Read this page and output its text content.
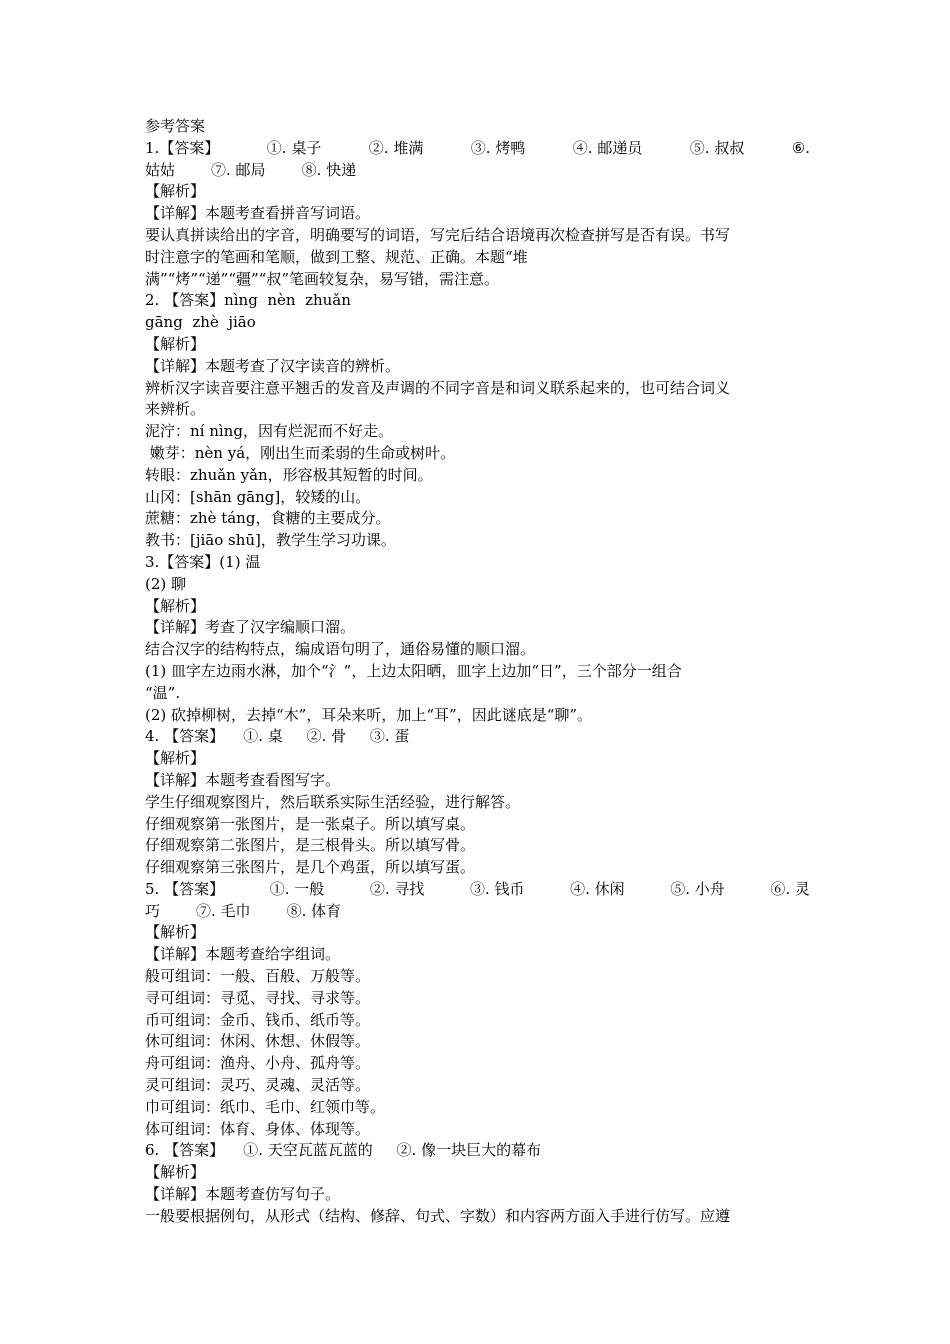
参考答案
1.【答案】	①. 桌子	②. 堆满	③. 烤鸭	④. 邮递员	⑤. 叔叔	⑥.
姑姑 ⑦. 邮局 ⑧. 快递
【解析】
【详解】本题考查看拼音写词语。
要认真拼读给出的字音，明确要写的词语，写完后结合语境再次检查拼写是否有误。书写
时注意字的笔画和笔顺，做到工整、规范、正确。本题“堆
满”“烤”“递”“疆”“叔”笔画较复杂，易写错，需注意。
2. 【答案】nìng  nèn  zhuǎn
gāng  zhè  jiāo
【解析】
【详解】本题考查了汉字读音的辨析。
辨析汉字读音要注意平翘舌的发音及声调的不同字音是和词义联系起来的，也可结合词义
来辨析。
泥泞：ní nìng，因有烂泥而不好走。
嫩芽：nèn yá，刚出生而柔弱的生命或树叶。
转眼：zhuǎn yǎn，形容极其短暂的时间。
山冈：[shān gāng]，较矮的山。
蔗糖：zhè táng，食糖的主要成分。
教书：[jiāo shū]，教学生学习功课。
3.【答案】(1) 温
(2) 聊
【解析】
【详解】考查了汉字编顺口溜。
结合汉字的结构特点，编成语句明了，通俗易懂的顺口溜。
(1) 皿字左边雨水淋，加个“氵”，上边太阳晒，皿字上边加“日”，三个部分一组合
“温”.
(2) 砍掉柳树，去掉“木”，耳朵来听，加上“耳”，因此谜底是“聊”。
4. 【答案】    ①. 桌     ②. 骨     ③. 蛋
【解析】
【详解】本题考查看图写字。
学生仔细观察图片，然后联系实际生活经验，进行解答。
仔细观察第一张图片，是一张桌子。所以填写桌。
仔细观察第二张图片，是三根骨头。所以填写骨。
仔细观察第三张图片，是几个鸡蛋，所以填写蛋。
5. 【答案】	①. 一般	②. 寻找	③. 钱币	④. 休闲	⑤. 小舟	⑥. 灵
巧 ⑦. 毛巾 ⑧. 体育
【解析】
【详解】本题考查给字组词。
般可组词：一般、百般、万般等。
寻可组词：寻觅、寻找、寻求等。
币可组词：金币、钱币、纸币等。
休可组词：休闲、休想、休假等。
舟可组词：渔舟、小舟、孤舟等。
灵可组词：灵巧、灵魂、灵活等。
巾可组词：纸巾、毛巾、红领巾等。
体可组词：体育、身体、体现等。
6. 【答案】    ①. 天空瓦蓝瓦蓝的     ②. 像一块巨大的幕布
【解析】
【详解】本题考查仿写句子。
一般要根据例句，从形式（结构、修辞、句式、字数）和内容两方面入手进行仿写。应遵
